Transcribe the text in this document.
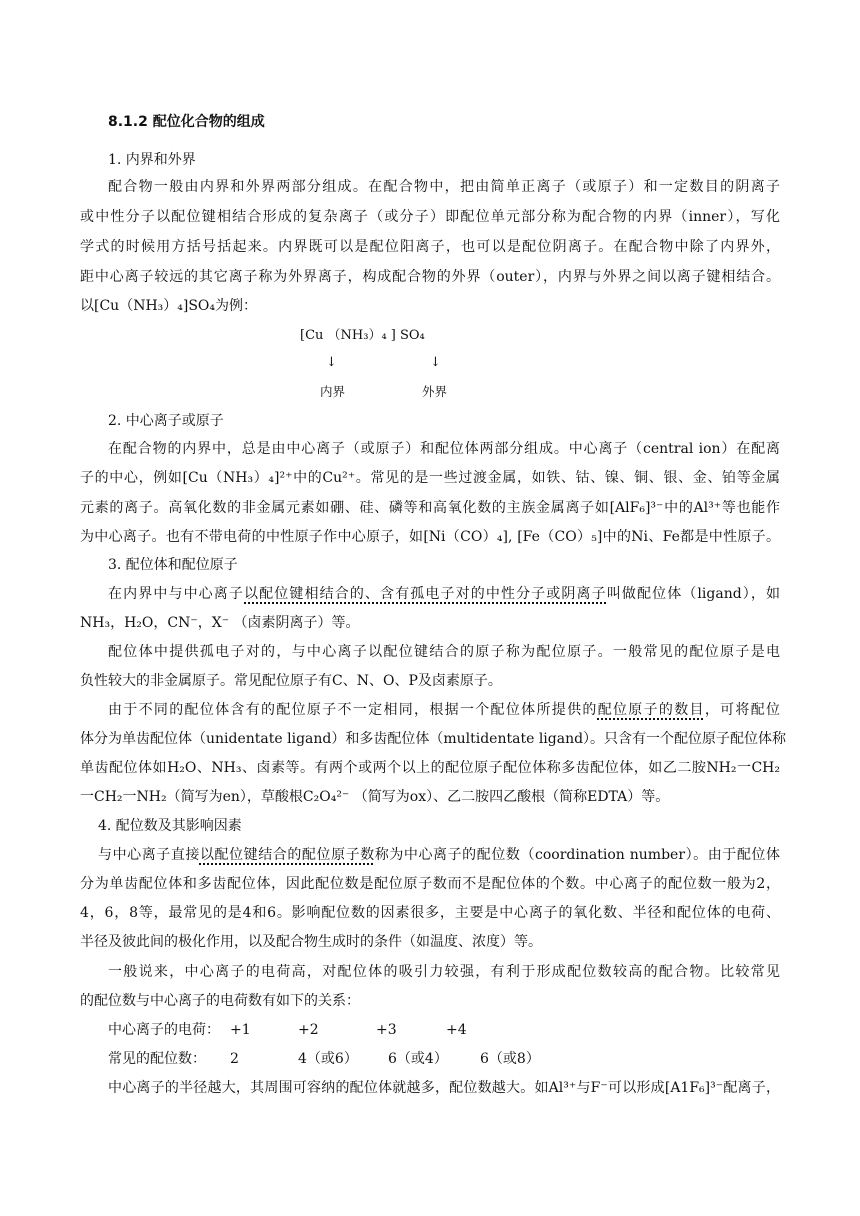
8.1.2 配位化合物的组成
1. 内界和外界
配合物一般由内界和外界两部分组成。在配合物中，把由简单正离子（或原子）和一定数目的阴离子
或中性分子以配位键相结合形成的复杂离子（或分子）即配位单元部分称为配合物的内界（inner），写化
学式的时候用方括号括起来。内界既可以是配位阳离子，也可以是配位阴离子。在配合物中除了内界外，
距中心离子较远的其它离子称为外界离子，构成配合物的外界（outer），内界与外界之间以离子键相结合。
以[Cu（NH₃）₄]SO₄为例：
[Cu （NH₃）₄ ] SO₄
↓	↓
内界	外界
2. 中心离子或原子
在配合物的内界中，总是由中心离子（或原子）和配位体两部分组成。中心离子（central ion）在配离
子的中心，例如[Cu（NH₃）₄]²⁺中的Cu²⁺。常见的是一些过渡金属，如铁、钴、镍、铜、银、金、铂等金属
元素的离子。高氧化数的非金属元素如硼、硅、磷等和高氧化数的主族金属离子如[AlF₆]³⁻中的Al³⁺等也能作
为中心离子。也有不带电荷的中性原子作中心原子，如[Ni（CO）₄], [Fe（CO）₅]中的Ni、Fe都是中性原子。
3. 配位体和配位原子
在内界中与中心离子以配位键相结合的、含有孤电子对的中性分子或阴离子叫做配位体（ligand），如
NH₃，H₂O，CN⁻，X⁻ （卤素阴离子）等。
配位体中提供孤电子对的，与中心离子以配位键结合的原子称为配位原子。一般常见的配位原子是电
负性较大的非金属原子。常见配位原子有C、N、O、P及卤素原子。
由于不同的配位体含有的配位原子不一定相同，根据一个配位体所提供的配位原子的数目，可将配位
体分为单齿配位体（unidentate ligand）和多齿配位体（multidentate ligand）。只含有一个配位原子配位体称
单齿配位体如H₂O、NH₃、卤素等。有两个或两个以上的配位原子配位体称多齿配位体，如乙二胺NH₂一CH₂
一CH₂一NH₂（简写为en），草酸根C₂O₄²⁻ （简写为ox）、乙二胺四乙酸根（简称EDTA）等。
4. 配位数及其影响因素
与中心离子直接以配位键结合的配位原子数称为中心离子的配位数（coordination number）。由于配位体
分为单齿配位体和多齿配位体，因此配位数是配位原子数而不是配位体的个数。中心离子的配位数一般为2，
4，6，8等，最常见的是4和6。影响配位数的因素很多，主要是中心离子的氧化数、半径和配位体的电荷、
半径及彼此间的极化作用，以及配合物生成时的条件（如温度、浓度）等。
一般说来，中心离子的电荷高，对配位体的吸引力较强，有利于形成配位数较高的配合物。比较常见
的配位数与中心离子的电荷数有如下的关系：
中心离子的电荷： +1	+2	+3	+4
常见的配位数： 2	4（或6） 6（或4） 6（或8）
中心离子的半径越大，其周围可容纳的配位体就越多，配位数越大。如Al³⁺与F⁻可以形成[A1F₆]³⁻配离子，
